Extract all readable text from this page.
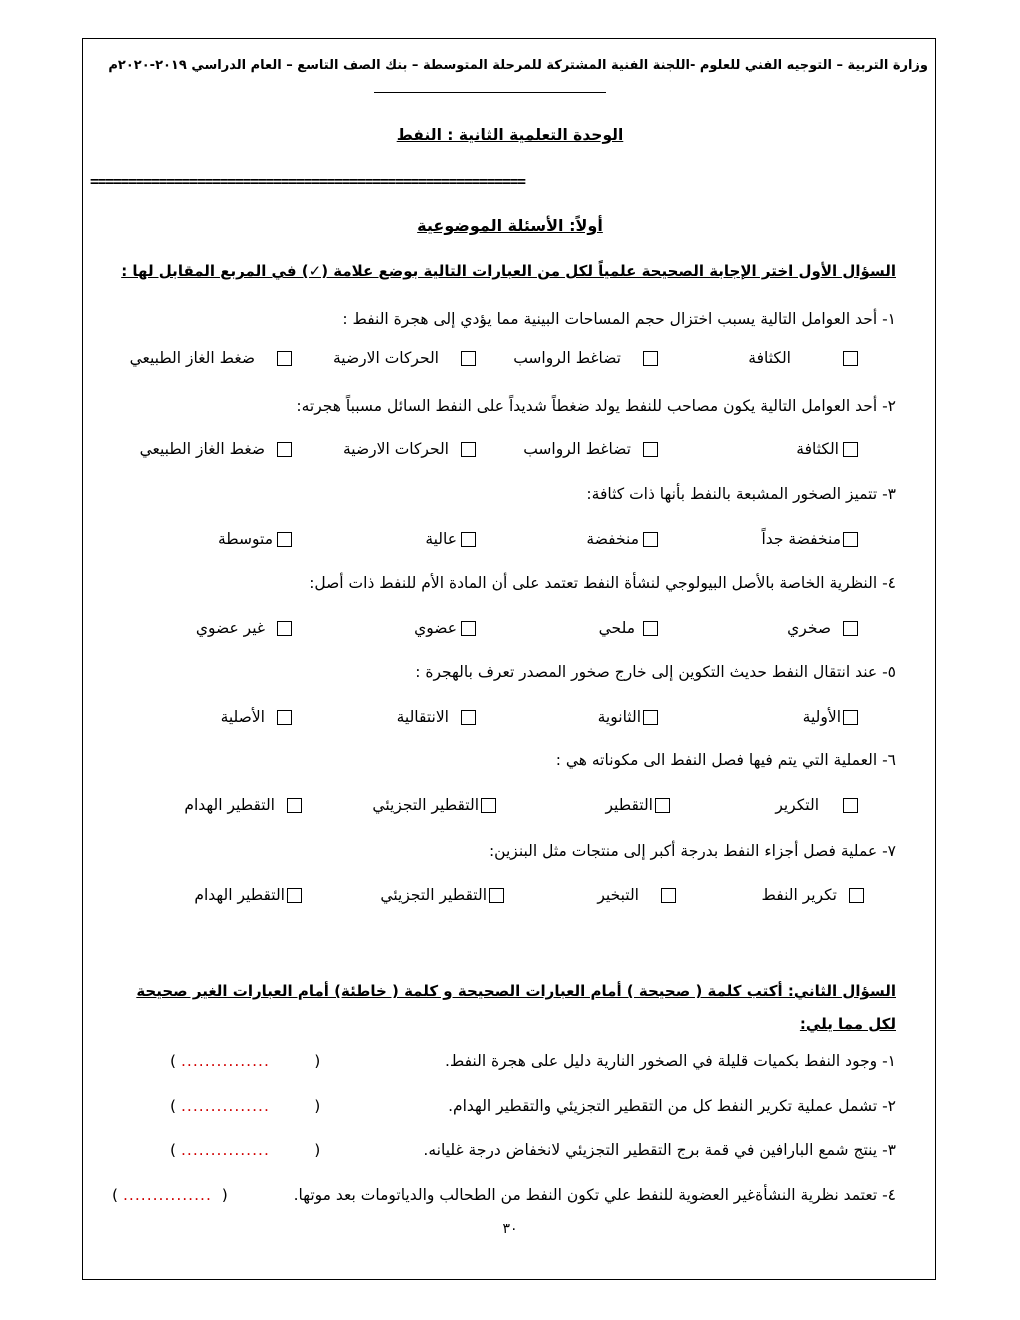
وزارة التربية – التوجيه الفني للعلوم -اللجنة الفنية المشتركة للمرحلة المتوسطة – بنك الصف التاسع – العام الدراسي ٢٠١٩-٢٠٢٠م
الوحدة التعلمية الثانية : النفط
=========================================================
أولاً: الأسئلة الموضوعية
السؤال الأول اختر الإجابة الصحيحة علمياً لكل من العبارات التالية بوضع علامة (✓) في المربع المقابل لها :
١- أحد العوامل التالية يسبب اختزال حجم المساحات البينية مما يؤدي إلى هجرة النفط :
الكثافة
تضاغط الرواسب
الحركات الارضية
ضغط الغاز الطبيعي
٢- أحد العوامل التالية يكون مصاحب للنفط يولد ضغطاً شديداً على النفط السائل مسبباً هجرته:
الكثافة
تضاغط الرواسب
الحركات الارضية
ضغط الغاز الطبيعي
٣- تتميز الصخور المشبعة بالنفط بأنها ذات كثافة:
منخفضة جداً
منخفضة
عالية
متوسطة
٤- النظرية الخاصة بالأصل البيولوجي لنشأة النفط تعتمد على أن المادة الأم للنفط ذات أصل:
صخري
ملحي
عضوي
غير عضوي
٥- عند انتقال النفط حديث التكوين إلى خارج صخور المصدر تعرف بالهجرة :
الأولية
الثانوية
الانتقالية
الأصلية
٦- العملية التي يتم فيها فصل النفط الى مكوناته هي :
التكرير
التقطير
التقطير التجزيئي
التقطير الهدام
٧- عملية فصل أجزاء النفط بدرجة أكبر إلى منتجات مثل البنزين:
تكرير النفط
التبخير
التقطير التجزيئي
التقطير الهدام
السؤال الثاني: أكتب كلمة ( صحيحة ) أمام العبارات الصحيحة و كلمة ( خاطئة) أمام العبارات الغير صحيحة لكل مما يلي:
١- وجود النفط بكميات قليلة في الصخور النارية دليل على هجرة النفط.
( ...............         )
٢- تشمل عملية تكرير النفط كل من التقطير التجزيئي والتقطير الهدام.
( ...............         )
٣- ينتج شمع البارافين في قمة برج التقطير التجزيئي لانخفاض درجة غليانه.
( ...............         )
٤- تعتمد نظرية النشأةغير العضوية للنفط علي تكون النفط من الطحالب والدياتومات بعد موتها.
( ...............  )
٣٠
